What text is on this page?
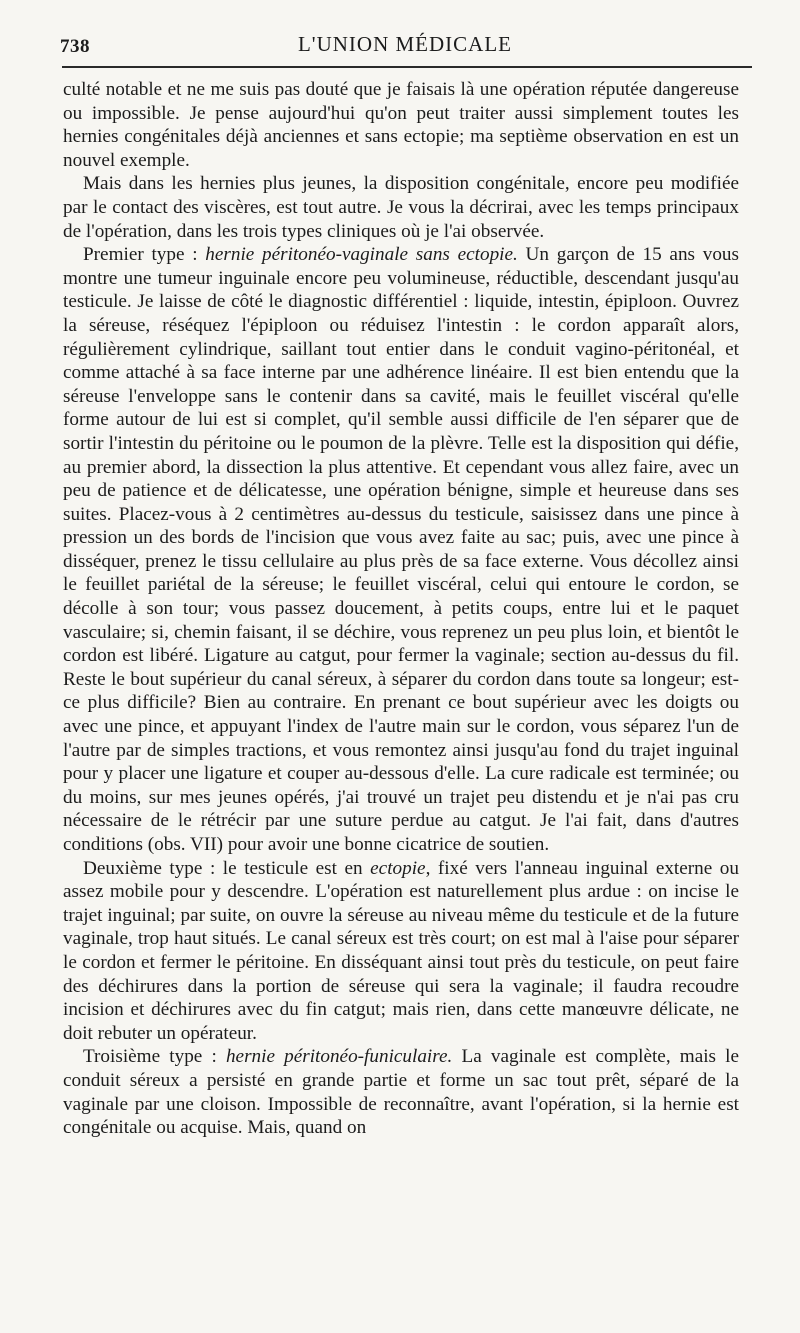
738	L'UNION MÉDICALE

culté notable et ne me suis pas douté que je faisais là une opération réputée dangereuse ou impossible. Je pense aujourd'hui qu'on peut traiter aussi simplement toutes les hernies congénitales déjà anciennes et sans ectopie; ma septième observation en est un nouvel exemple.

Mais dans les hernies plus jeunes, la disposition congénitale, encore peu modifiée par le contact des viscères, est tout autre. Je vous la décrirai, avec les temps principaux de l'opération, dans les trois types cliniques où je l'ai observée.

Premier type : hernie péritonéo-vaginale sans ectopie. Un garçon de 15 ans vous montre une tumeur inguinale encore peu volumineuse, réductible, descendant jusqu'au testicule. Je laisse de côté le diagnostic différentiel : liquide, intestin, épiploon. Ouvrez la séreuse, réséquez l'épiploon ou réduisez l'intestin : le cordon apparaît alors, régulièrement cylindrique, saillant tout entier dans le conduit vagino-péritonéal, et comme attaché à sa face interne par une adhérence linéaire. Il est bien entendu que la séreuse l'enveloppe sans le contenir dans sa cavité, mais le feuillet viscéral qu'elle forme autour de lui est si complet, qu'il semble aussi difficile de l'en séparer que de sortir l'intestin du péritoine ou le poumon de la plèvre. Telle est la disposition qui défie, au premier abord, la dissection la plus attentive. Et cependant vous allez faire, avec un peu de patience et de délicatesse, une opération bénigne, simple et heureuse dans ses suites. Placez-vous à 2 centimètres au-dessus du testicule, saisissez dans une pince à pression un des bords de l'incision que vous avez faite au sac; puis, avec une pince à disséquer, prenez le tissu cellulaire au plus près de sa face externe. Vous décollez ainsi le feuillet pariétal de la séreuse; le feuillet viscéral, celui qui entoure le cordon, se décolle à son tour; vous passez doucement, à petits coups, entre lui et le paquet vasculaire; si, chemin faisant, il se déchire, vous reprenez un peu plus loin, et bientôt le cordon est libéré. Ligature au catgut, pour fermer la vaginale; section au-dessus du fil. Reste le bout supérieur du canal séreux, à séparer du cordon dans toute sa longeur; est-ce plus difficile? Bien au contraire. En prenant ce bout supérieur avec les doigts ou avec une pince, et appuyant l'index de l'autre main sur le cordon, vous séparez l'un de l'autre par de simples tractions, et vous remontez ainsi jusqu'au fond du trajet inguinal pour y placer une ligature et couper au-dessous d'elle. La cure radicale est terminée; ou du moins, sur mes jeunes opérés, j'ai trouvé un trajet peu distendu et je n'ai pas cru nécessaire de le rétrécir par une suture perdue au catgut. Je l'ai fait, dans d'autres conditions (obs. VII) pour avoir une bonne cicatrice de soutien.

Deuxième type : le testicule est en ectopie, fixé vers l'anneau inguinal externe ou assez mobile pour y descendre. L'opération est naturellement plus ardue : on incise le trajet inguinal; par suite, on ouvre la séreuse au niveau même du testicule et de la future vaginale, trop haut situés. Le canal séreux est très court; on est mal à l'aise pour séparer le cordon et fermer le péritoine. En disséquant ainsi tout près du testicule, on peut faire des déchirures dans la portion de séreuse qui sera la vaginale; il faudra recoudre incision et déchirures avec du fin catgut; mais rien, dans cette manœuvre délicate, ne doit rebuter un opérateur.

Troisième type : hernie péritonéo-funiculaire. La vaginale est complète, mais le conduit séreux a persisté en grande partie et forme un sac tout prêt, séparé de la vaginale par une cloison. Impossible de reconnaître, avant l'opération, si la hernie est congénitale ou acquise. Mais, quand on
